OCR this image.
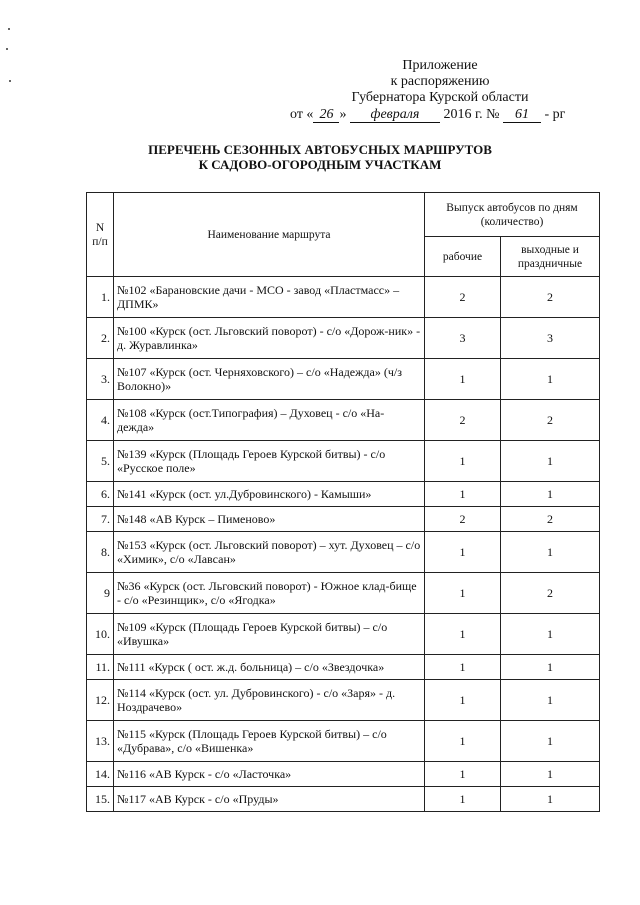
Приложение
к распоряжению
Губернатора Курской области
от « 26 » февраля 2016 г. № 61 - рг
ПЕРЕЧЕНЬ СЕЗОННЫХ АВТОБУСНЫХ МАРШРУТОВ
К САДОВО-ОГОРОДНЫМ УЧАСТКАМ
N п/п	Наименование маршрута	Выпуск автобусов по дням (количество)	
		рабочие	выходные и праздничные
1.	№102 «Барановские дачи - МСО - завод «Пластмасс» – ДПМК»	2	2
2.	№100 «Курск (ост. Льговский поворот) - с/о «Дорож-ник» - д. Журавлинка»	3	3
3.	№107 «Курск (ост. Черняховского) – с/о «Надежда» (ч/з Волокно)»	1	1
4.	№108 «Курск (ост.Типография) – Духовец - с/о «На-дежда»	2	2
5.	№139 «Курск (Площадь Героев Курской битвы) - с/о «Русское поле»	1	1
6.	№141 «Курск (ост. ул.Дубровинского) - Камыши»	1	1
7.	№148 «АВ Курск – Пименово»	2	2
8.	№153 «Курск (ост. Льговский поворот) – хут. Духовец – с/о «Химик», с/о «Лавсан»	1	1
9	№36 «Курск (ост. Льговский поворот) - Южное клад-бище - с/о «Резинщик», с/о «Ягодка»	1	2
10.	№109 «Курск (Площадь Героев Курской битвы) – с/о «Ивушка»	1	1
11.	№111 «Курск ( ост. ж.д. больница) – с/о «Звездочка»	1	1
12.	№114 «Курск (ост. ул. Дубровинского) - с/о «Заря» - д. Ноздрачево»	1	1
13.	№115 «Курск (Площадь Героев Курской битвы) – с/о «Дубрава», с/о «Вишенка»	1	1
14.	№116 «АВ Курск - с/о «Ласточка»	1	1
15.	№117 «АВ Курск - с/о «Пруды»	1	1
